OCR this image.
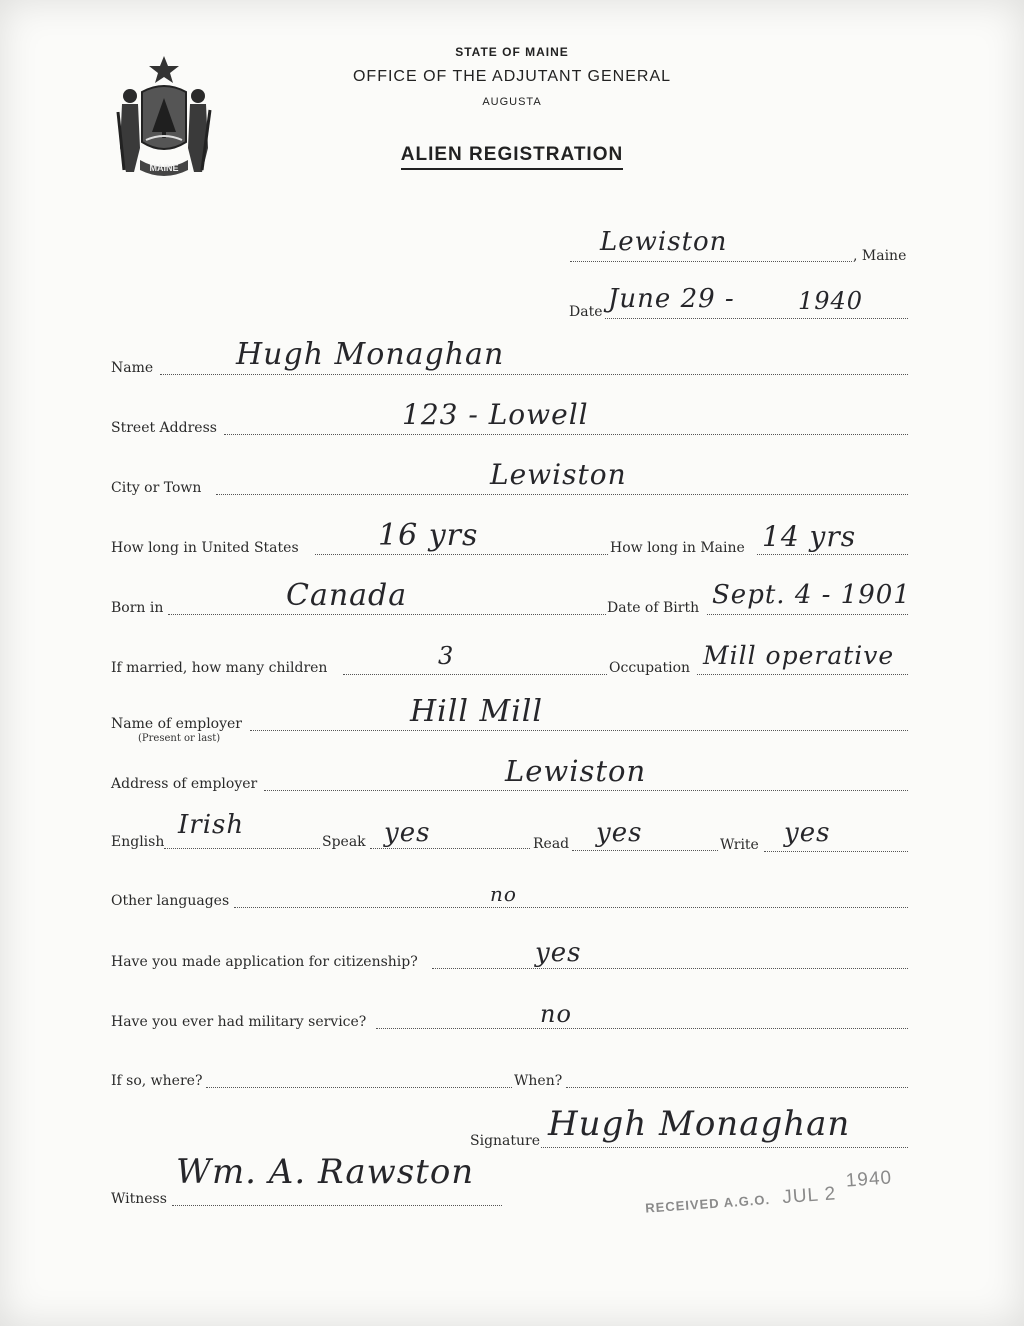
STATE OF MAINE
OFFICE OF THE ADJUTANT GENERAL
AUGUSTA
ALIEN REGISTRATION
MAINE
Lewiston	, Maine
Date June 29 -	1940
Name	Hugh Monaghan
Street Address	123 - Lowell
City or Town	Lewiston
How long in United States	16 yrs	How long in Maine 14 yrs
Born in	Canada	Date of Birth Sept. 4 - 1901
If married, how many children	3	Occupation Mill operative
Name of employer
(Present or last)
Hill Mill
Address of employer	Lewiston
English
Irish
Speak yes	Read yes	Write yes
Other languages	no
Have you made application for citizenship?	yes
Have you ever had military service?	no
If so, where?	When?
Signature Hugh Monaghan
Witness
Wm. A. Rawston
RECEIVED A.G.O. JUL 2
1940
